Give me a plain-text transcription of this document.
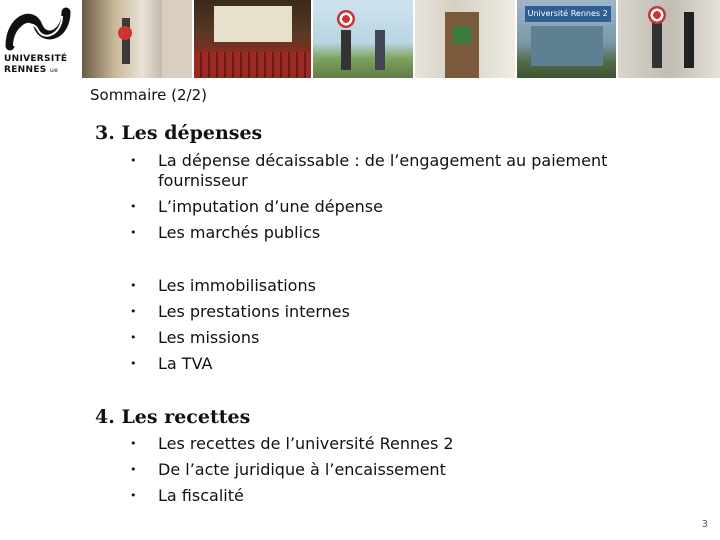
UNIVERSITÉ
RENNES ue
Université Rennes 2
Sommaire (2/2)
3. Les dépenses
• La dépense décaissable : de l’engagement au paiement fournisseur
• L’imputation d’une dépense
• Les marchés publics
• Les immobilisations
• Les prestations internes
• Les missions
• La TVA
4. Les recettes
• Les recettes de l’université Rennes 2
• De l’acte juridique à l’encaissement
• La fiscalité
3
